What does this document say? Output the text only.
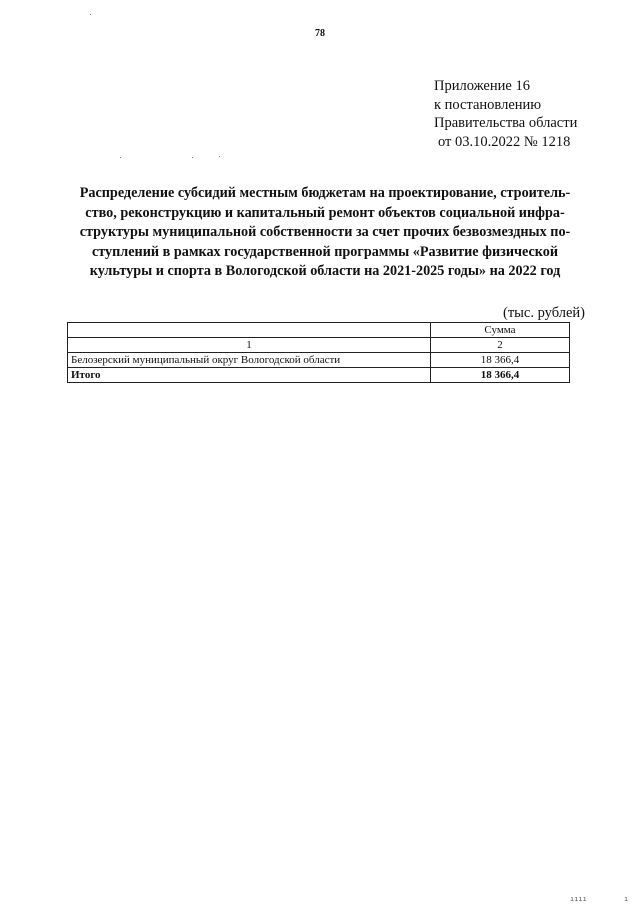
78
Приложение 16
к постановлению
Правительства области
от 03.10.2022 № 1218
Распределение субсидий местным бюджетам на проектирование, строитель-
ство, реконструкцию и капитальный ремонт объектов социальной инфра-
структуры муниципальной собственности за счет прочих безвозмездных по-
ступлений в рамках государственной программы «Развитие физической
культуры и спорта в Вологодской области на 2021-2025 годы» на 2022 год
(тыс. рублей)
	Сумма
1	2
Белозерский муниципальный округ Вологодской области	18 366,4
Итого	18 366,4
ıııı	ı
